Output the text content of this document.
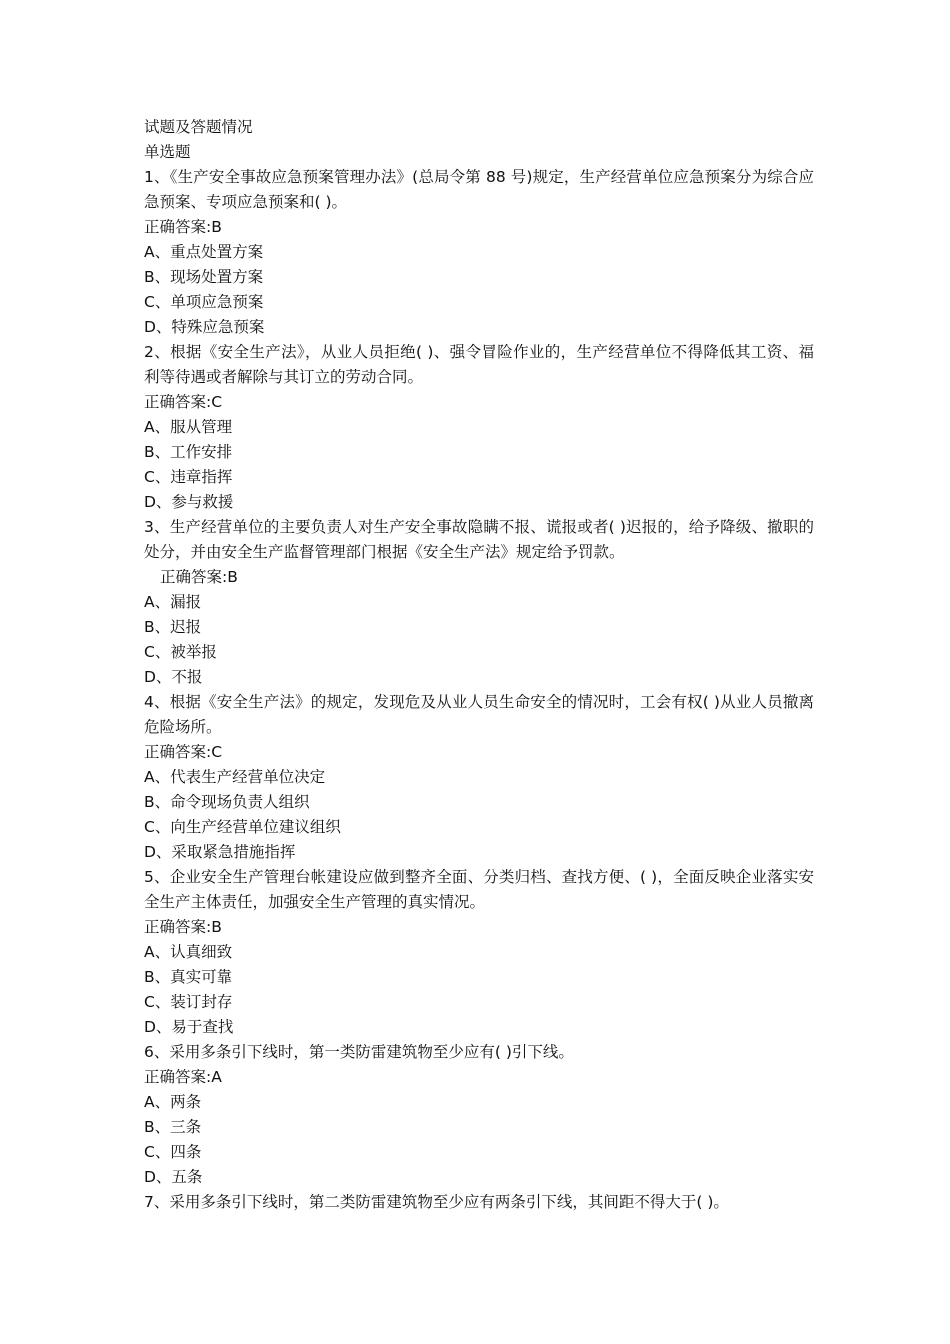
试题及答题情况
单选题
1、《生产安全事故应急预案管理办法》(总局令第 88 号)规定，生产经营单位应急预案分为综合应急预案、专项应急预案和( )。
正确答案:B
A、重点处置方案
B、现场处置方案
C、单项应急预案
D、特殊应急预案
2、根据《安全生产法》，从业人员拒绝( )、强令冒险作业的，生产经营单位不得降低其工资、福利等待遇或者解除与其订立的劳动合同。
正确答案:C
A、服从管理
B、工作安排
C、违章指挥
D、参与救援
3、生产经营单位的主要负责人对生产安全事故隐瞒不报、谎报或者( )迟报的，给予降级、撤职的处分，并由安全生产监督管理部门根据《安全生产法》规定给予罚款。
正确答案:B
A、漏报
B、迟报
C、被举报
D、不报
4、根据《安全生产法》的规定，发现危及从业人员生命安全的情况时，工会有权( )从业人员撤离危险场所。
正确答案:C
A、代表生产经营单位决定
B、命令现场负责人组织
C、向生产经营单位建议组织
D、采取紧急措施指挥
5、企业安全生产管理台帐建设应做到整齐全面、分类归档、查找方便、( )，全面反映企业落实安全生产主体责任，加强安全生产管理的真实情况。
正确答案:B
A、认真细致
B、真实可靠
C、装订封存
D、易于查找
6、采用多条引下线时，第一类防雷建筑物至少应有( )引下线。
正确答案:A
A、两条
B、三条
C、四条
D、五条
7、采用多条引下线时，第二类防雷建筑物至少应有两条引下线，其间距不得大于( )。
